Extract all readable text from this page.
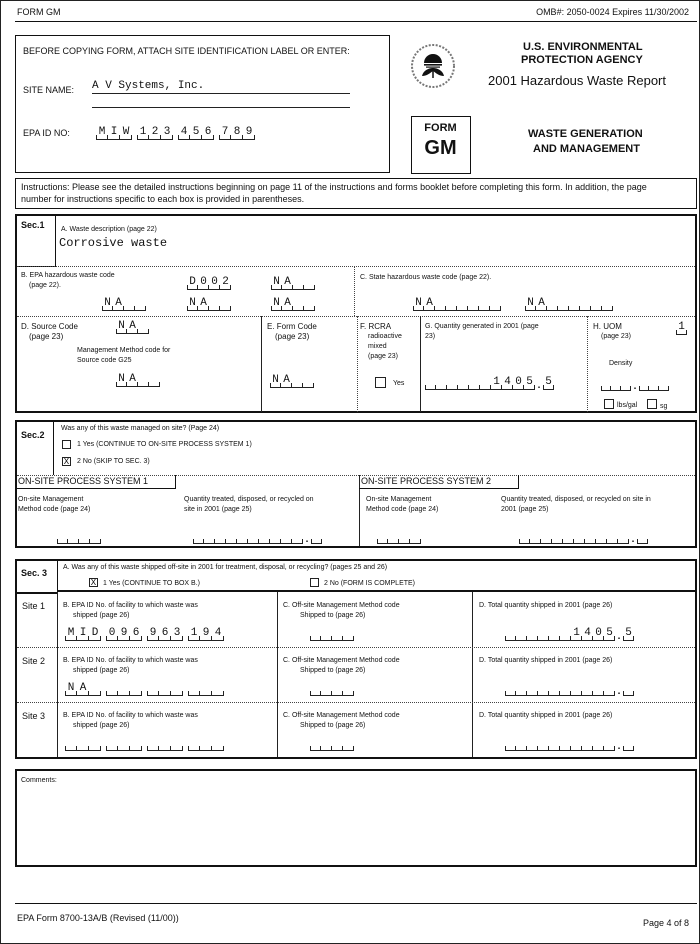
FORM GM	OMB#: 2050-0024 Expires 11/30/2002
BEFORE COPYING FORM, ATTACH SITE IDENTIFICATION LABEL OR ENTER:
SITE NAME: A V Systems, Inc.
EPA ID NO:	M I W 1 2 3 4 5 6 7 8 9
U.S. ENVIRONMENTAL
PROTECTION AGENCY
2001 Hazardous Waste Report
FORM
GM
WASTE GENERATION
AND MANAGEMENT
Instructions: Please see the detailed instructions beginning on page 11 of the instructions and forms booklet before completing this form. In addition, the page number for instructions specific to each box is provided in parentheses.
Sec.1 A. Waste description (page 22)
Corrosive waste
B. EPA hazardous waste code
(page 22).	D 0 0 2	N A
N A	N A	N A
C. State hazardous waste code (page 22).
N A	N A
D. Source Code
(page 23)
N A
Management Method code for
Source code G25
N A
E. Form Code
(page 23)
N A
F. RCRA
radioactive
mixed
(page 23)
Yes
G. Quantity generated in 2001 (page
23)
1 4 0 5 . 5
H. UOM
(page 23)
1
Density
.
lbs/gal	sg
Sec.2
Was any of this waste managed on site? (Page 24)
1 Yes (CONTINUE TO ON-SITE PROCESS SYSTEM 1)
X 2 No (SKIP TO SEC. 3)
ON-SITE PROCESS SYSTEM 1
On-site Management
Method code (page 24)
Quantity treated, disposed, or recycled on
site in 2001 (page 25)
.
ON-SITE PROCESS SYSTEM 2
On-site Management
Method code (page 24)
Quantity treated, disposed, or recycled on site in
2001 (page 25)
.
Sec. 3
A. Was any of this waste shipped off-site in 2001 for treatment, disposal, or recycling? (pages 25 and 26)
X 1 Yes (CONTINUE TO BOX B.)	2 No (FORM IS COMPLETE)
Site 1	B. EPA ID No. of facility to which waste was
shipped (page 26)
C. Off-site Management Method code
Shipped to (page 26)
D. Total quantity shipped in 2001 (page 26)
M I D 0 9 6 9 6 3 1 9 4	1 4 0 5 . 5
Site 2	B. EPA ID No. of facility to which waste was
shipped (page 26)
C. Off-site Management Method code
Shipped to (page 26)
D. Total quantity shipped in 2001 (page 26)
N A	.
Site 3	B. EPA ID No. of facility to which waste was
shipped (page 26)
C. Off-site Management Method code
Shipped to (page 26)
D. Total quantity shipped in 2001 (page 26)
.
Comments:
EPA Form 8700-13A/B (Revised (11/00))	Page 4 of 8
